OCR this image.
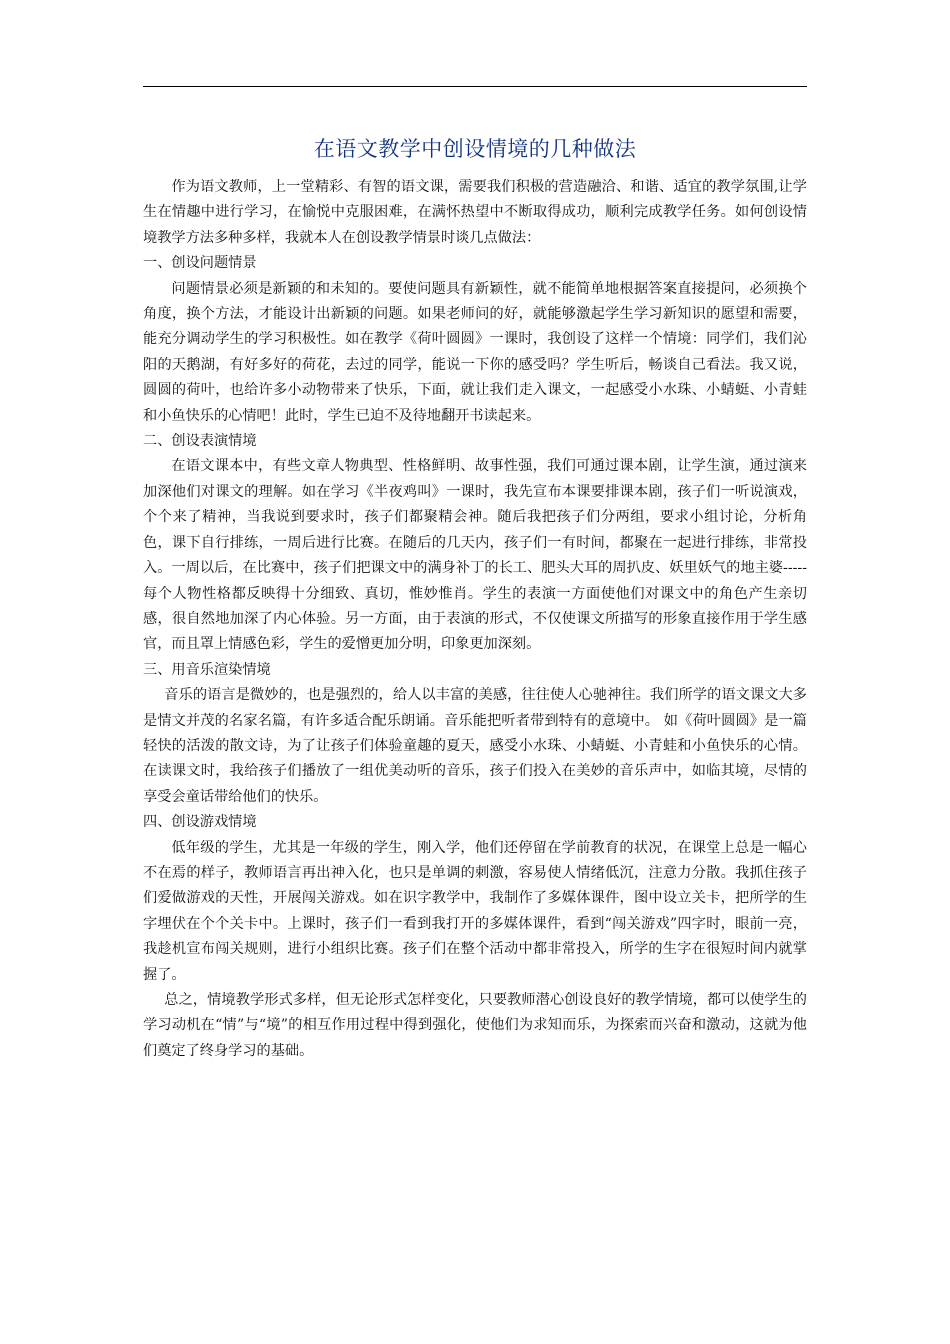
在语文教学中创设情境的几种做法

作为语文教师，上一堂精彩、有智的语文课，需要我们积极的营造融洽、和谐、适宜的教学氛围,让学生在情趣中进行学习，在愉悦中克服困难，在满怀热望中不断取得成功，顺利完成教学任务。如何创设情境教学方法多种多样，我就本人在创设教学情景时谈几点做法：

一、创设问题情景

问题情景必须是新颖的和未知的。要使问题具有新颖性，就不能简单地根据答案直接提问，必须换个角度，换个方法，才能设计出新颖的问题。如果老师问的好，就能够激起学生学习新知识的愿望和需要，能充分调动学生的学习积极性。如在教学《荷叶圆圆》一课时，我创设了这样一个情境：同学们，我们沁阳的天鹅湖，有好多好的荷花，去过的同学，能说一下你的感受吗？学生听后，畅谈自己看法。我又说，圆圆的荷叶，也给许多小动物带来了快乐，下面，就让我们走入课文，一起感受小水珠、小蜻蜓、小青蛙和小鱼快乐的心情吧！此时，学生已迫不及待地翻开书读起来。

二、创设表演情境

在语文课本中，有些文章人物典型、性格鲜明、故事性强，我们可通过课本剧，让学生演，通过演来加深他们对课文的理解。如在学习《半夜鸡叫》一课时，我先宣布本课要排课本剧，孩子们一听说演戏，个个来了精神，当我说到要求时，孩子们都聚精会神。随后我把孩子们分两组，要求小组讨论，分析角色，课下自行排练，一周后进行比赛。在随后的几天内，孩子们一有时间，都聚在一起进行排练，非常投入。一周以后，在比赛中，孩子们把课文中的满身补丁的长工、肥头大耳的周扒皮、妖里妖气的地主婆-----每个人物性格都反映得十分细致、真切，惟妙惟肖。学生的表演一方面使他们对课文中的角色产生亲切感，很自然地加深了内心体验。另一方面，由于表演的形式，不仅使课文所描写的形象直接作用于学生感官，而且罩上情感色彩，学生的爱憎更加分明，印象更加深刻。

三、用音乐渲染情境

音乐的语言是微妙的，也是强烈的，给人以丰富的美感，往往使人心驰神往。我们所学的语文课文大多是情文并茂的名家名篇，有许多适合配乐朗诵。音乐能把听者带到特有的意境中。 如《荷叶圆圆》是一篇轻快的活泼的散文诗，为了让孩子们体验童趣的夏天，感受小水珠、小蜻蜓、小青蛙和小鱼快乐的心情。在读课文时，我给孩子们播放了一组优美动听的音乐，孩子们投入在美妙的音乐声中，如临其境，尽情的享受会童话带给他们的快乐。

四、创设游戏情境

低年级的学生，尤其是一年级的学生，刚入学，他们还停留在学前教育的状况，在课堂上总是一幅心不在焉的样子，教师语言再出神入化，也只是单调的刺激，容易使人情绪低沉，注意力分散。我抓住孩子们爱做游戏的天性，开展闯关游戏。如在识字教学中，我制作了多媒体课件，图中设立关卡，把所学的生字埋伏在个个关卡中。上课时，孩子们一看到我打开的多媒体课件，看到“闯关游戏”四字时，眼前一亮，我趁机宣布闯关规则，进行小组织比赛。孩子们在整个活动中都非常投入，所学的生字在很短时间内就掌握了。

总之，情境教学形式多样，但无论形式怎样变化，只要教师潜心创设良好的教学情境，都可以使学生的学习动机在“情”与“境”的相互作用过程中得到强化，使他们为求知而乐，为探索而兴奋和激动，这就为他们奠定了终身学习的基础。
